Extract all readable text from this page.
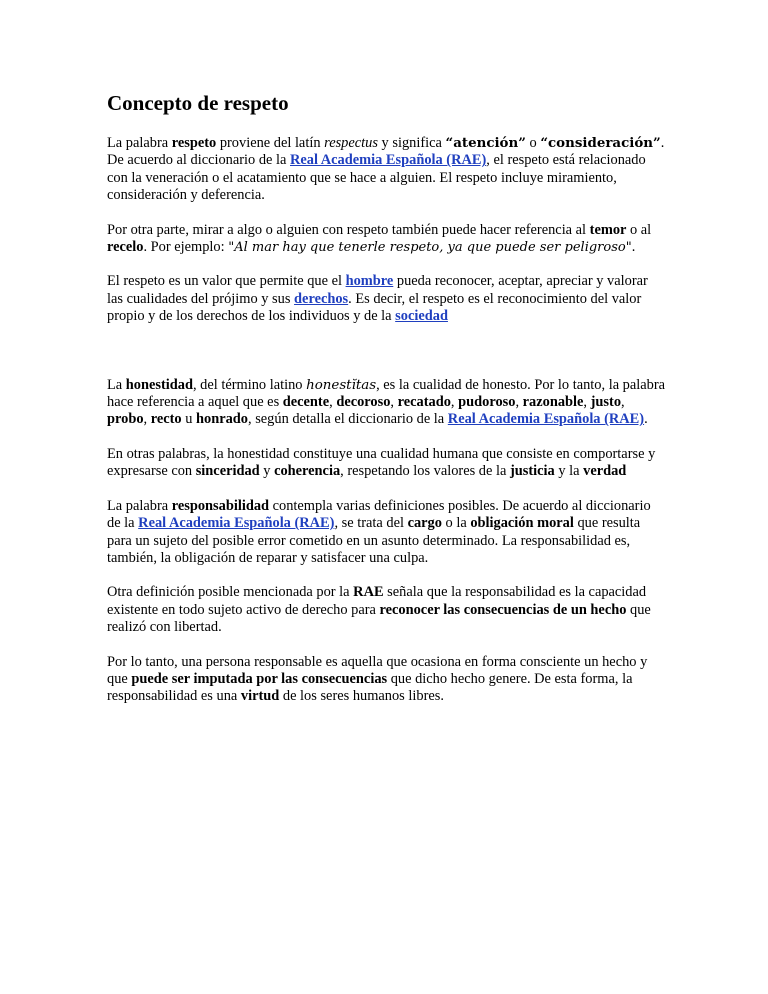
Concepto de respeto

La palabra respeto proviene del latín respectus y significa “atención” o “consideración”. De acuerdo al diccionario de la Real Academia Española (RAE), el respeto está relacionado con la veneración o el acatamiento que se hace a alguien. El respeto incluye miramiento, consideración y deferencia.

Por otra parte, mirar a algo o alguien con respeto también puede hacer referencia al temor o al recelo. Por ejemplo: "Al mar hay que tenerle respeto, ya que puede ser peligroso".

El respeto es un valor que permite que el hombre pueda reconocer, aceptar, apreciar y valorar las cualidades del prójimo y sus derechos. Es decir, el respeto es el reconocimiento del valor propio y de los derechos de los individuos y de la sociedad

La honestidad, del término latino honestĭtas, es la cualidad de honesto. Por lo tanto, la palabra hace referencia a aquel que es decente, decoroso, recatado, pudoroso, razonable, justo, probo, recto u honrado, según detalla el diccionario de la Real Academia Española (RAE).

En otras palabras, la honestidad constituye una cualidad humana que consiste en comportarse y expresarse con sinceridad y coherencia, respetando los valores de la justicia y la verdad

La palabra responsabilidad contempla varias definiciones posibles. De acuerdo al diccionario de la Real Academia Española (RAE), se trata del cargo o la obligación moral que resulta para un sujeto del posible error cometido en un asunto determinado. La responsabilidad es, también, la obligación de reparar y satisfacer una culpa.

Otra definición posible mencionada por la RAE señala que la responsabilidad es la capacidad existente en todo sujeto activo de derecho para reconocer las consecuencias de un hecho que realizó con libertad.

Por lo tanto, una persona responsable es aquella que ocasiona en forma consciente un hecho y que puede ser imputada por las consecuencias que dicho hecho genere. De esta forma, la responsabilidad es una virtud de los seres humanos libres.
